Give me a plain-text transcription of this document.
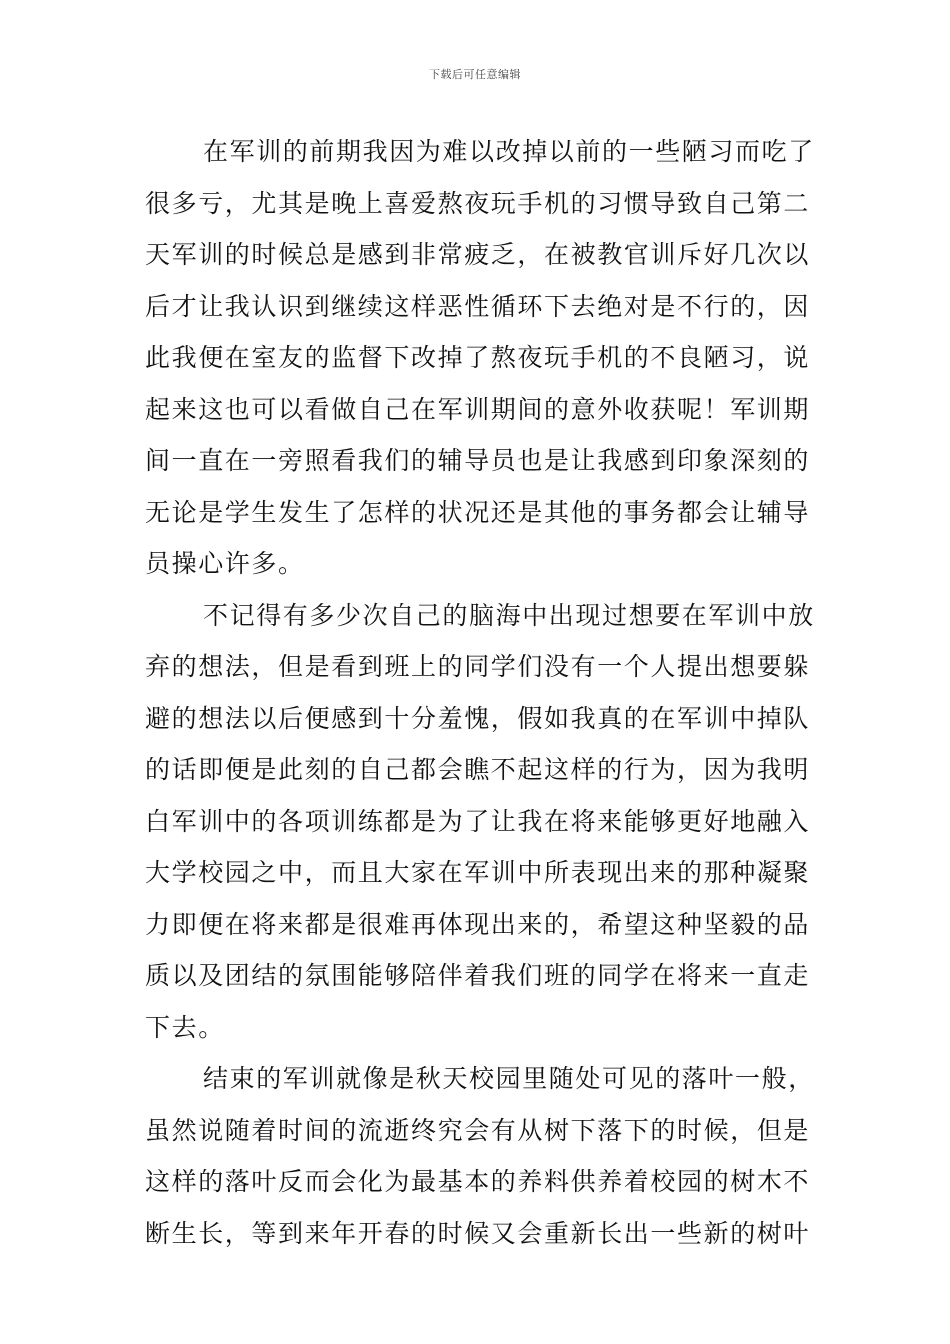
下载后可任意编辑
在军训的前期我因为难以改掉以前的一些陋习而吃了
很多亏，尤其是晚上喜爱熬夜玩手机的习惯导致自己第二
天军训的时候总是感到非常疲乏，在被教官训斥好几次以
后才让我认识到继续这样恶性循环下去绝对是不行的，因
此我便在室友的监督下改掉了熬夜玩手机的不良陋习，说
起来这也可以看做自己在军训期间的意外收获呢！军训期
间一直在一旁照看我们的辅导员也是让我感到印象深刻的
无论是学生发生了怎样的状况还是其他的事务都会让辅导
员操心许多。
不记得有多少次自己的脑海中出现过想要在军训中放
弃的想法，但是看到班上的同学们没有一个人提出想要躲
避的想法以后便感到十分羞愧，假如我真的在军训中掉队
的话即便是此刻的自己都会瞧不起这样的行为，因为我明
白军训中的各项训练都是为了让我在将来能够更好地融入
大学校园之中，而且大家在军训中所表现出来的那种凝聚
力即便在将来都是很难再体现出来的，希望这种坚毅的品
质以及团结的氛围能够陪伴着我们班的同学在将来一直走
下去。
结束的军训就像是秋天校园里随处可见的落叶一般，
虽然说随着时间的流逝终究会有从树下落下的时候，但是
这样的落叶反而会化为最基本的养料供养着校园的树木不
断生长，等到来年开春的时候又会重新长出一些新的树叶
